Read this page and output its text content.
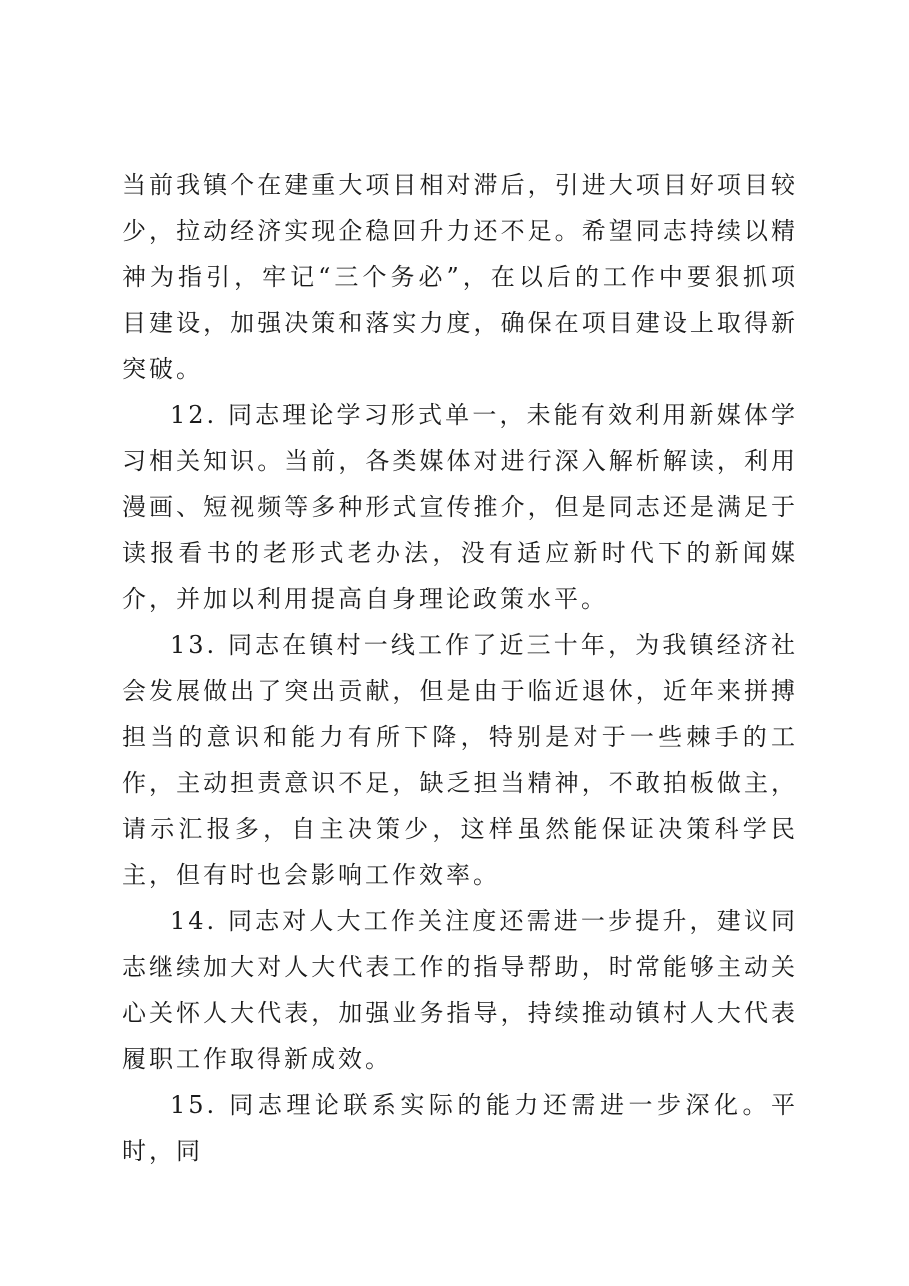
当前我镇个在建重大项目相对滞后，引进大项目好项目较少，拉动经济实现企稳回升力还不足。希望同志持续以精神为指引，牢记“三个务必”，在以后的工作中要狠抓项目建设，加强决策和落实力度，确保在项目建设上取得新突破。

12. 同志理论学习形式单一，未能有效利用新媒体学习相关知识。当前，各类媒体对进行深入解析解读，利用漫画、短视频等多种形式宣传推介，但是同志还是满足于读报看书的老形式老办法，没有适应新时代下的新闻媒介，并加以利用提高自身理论政策水平。

13. 同志在镇村一线工作了近三十年，为我镇经济社会发展做出了突出贡献，但是由于临近退休，近年来拼搏担当的意识和能力有所下降，特别是对于一些棘手的工作，主动担责意识不足，缺乏担当精神，不敢拍板做主，请示汇报多，自主决策少，这样虽然能保证决策科学民主，但有时也会影响工作效率。

14. 同志对人大工作关注度还需进一步提升，建议同志继续加大对人大代表工作的指导帮助，时常能够主动关心关怀人大代表，加强业务指导，持续推动镇村人大代表履职工作取得新成效。

15. 同志理论联系实际的能力还需进一步深化。平时，同
